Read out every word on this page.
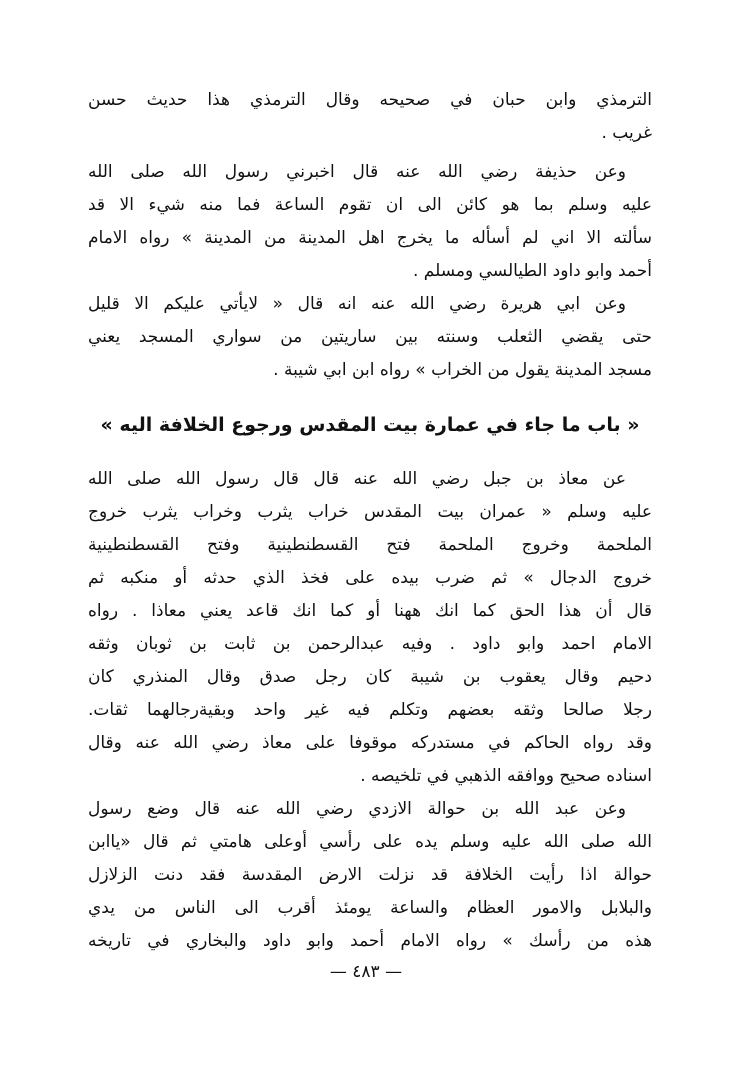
الترمذي وابن حبان في صحيحه وقال الترمذي هذا حديث حسن
غريب .
وعن حذيفة رضي الله عنه قال اخبرني رسول الله صلى الله
عليه وسلم بما هو كائن الى ان تقوم الساعة فما منه شيء الا قد
سألته الا اني لم أسأله ما يخرج اهل المدينة من المدينة » رواه الامام
أحمد وابو داود الطيالسي ومسلم .
وعن ابي هريرة رضي الله عنه انه قال « لايأتي عليكم الا قليل
حتى يقضي الثعلب وسنته بين ساريتين من سواري المسجد يعني
مسجد المدينة يقول من الخراب » رواه ابن ابي شيبة .
« باب ما جاء في عمارة بيت المقدس ورجوع الخلافة اليه »
عن معاذ بن جبل رضي الله عنه قال قال رسول الله صلى الله
عليه وسلم « عمران بيت المقدس خراب يثرب وخراب يثرب خروج
الملحمة وخروج الملحمة فتح القسطنطينية وفتح القسطنطينية
خروج الدجال » ثم ضرب بيده على فخذ الذي حدثه أو منكبه ثم
قال أن هذا الحق كما انك ههنا أو كما انك قاعد يعني معاذا . رواه
الامام احمد وابو داود . وفيه عبدالرحمن بن ثابت بن ثوبان وثقه
دحيم وقال يعقوب بن شيبة كان رجل صدق وقال المنذري كان
رجلا صالحا وثقه بعضهم وتكلم فيه غير واحد وبقيةرجالهما ثقات.
وقد رواه الحاكم في مستدركه موقوفا على معاذ رضي الله عنه وقال
اسناده صحيح ووافقه الذهبي في تلخيصه .
وعن عبد الله بن حوالة الازدي رضي الله عنه قال وضع رسول
الله صلى الله عليه وسلم يده على رأسي أوعلى هامتي ثم قال «ياابن
حوالة اذا رأيت الخلافة قد نزلت الارض المقدسة فقد دنت الزلازل
والبلابل والامور العظام والساعة يومئذ أقرب الى الناس من يدي
هذه من رأسك » رواه الامام أحمد وابو داود والبخاري في تاريخه
— ٤٨٣ —
